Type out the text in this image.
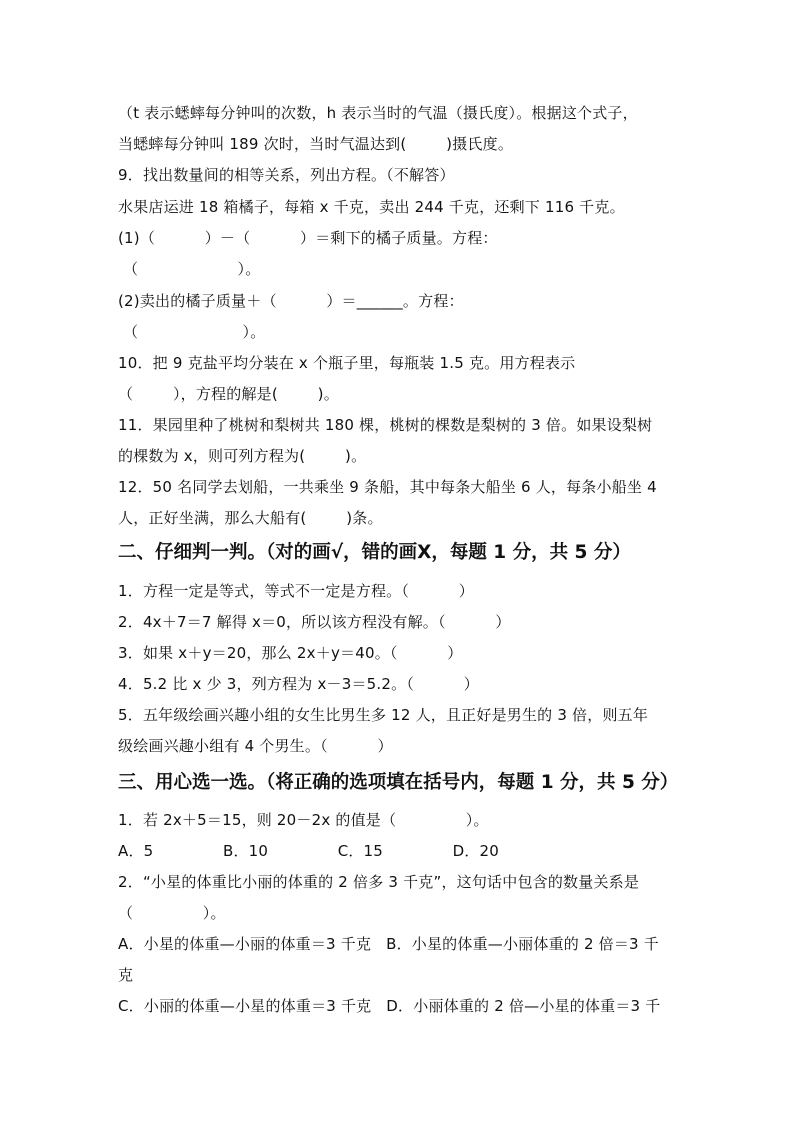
（t 表示蟋蟀每分钟叫的次数，h 表示当时的气温（摄氏度）。根据这个式子，
当蟋蟀每分钟叫 189 次时，当时气温达到(        )摄氏度。
9．找出数量间的相等关系，列出方程。（不解答）
水果店运进 18 箱橘子，每箱 x 千克，卖出 244 千克，还剩下 116 千克。
(1)（          ）－（          ）＝剩下的橘子质量。方程：
（                    ）。
(2)卖出的橘子质量＋（          ）＝______。方程：
（                     ）。
10．把 9 克盐平均分装在 x 个瓶子里，每瓶装 1.5 克。用方程表示
（        ），方程的解是(        )。
11．果园里种了桃树和梨树共 180 棵，桃树的棵数是梨树的 3 倍。如果设梨树
的棵数为 x，则可列方程为(        )。
12．50 名同学去划船，一共乘坐 9 条船，其中每条大船坐 6 人，每条小船坐 4
人，正好坐满，那么大船有(        )条。
二、仔细判一判。（对的画√，错的画Χ，每题 1 分，共 5 分）
1．方程一定是等式，等式不一定是方程。（          ）
2．4x＋7＝7 解得 x＝0，所以该方程没有解。（          ）
3．如果 x＋y＝20，那么 2x＋y＝40。（          ）
4．5.2 比 x 少 3，列方程为 x－3＝5.2。（          ）
5．五年级绘画兴趣小组的女生比男生多 12 人，且正好是男生的 3 倍，则五年
级绘画兴趣小组有 4 个男生。（          ）
三、用心选一选。（将正确的选项填在括号内，每题 1 分，共 5 分）
1．若 2x＋5＝15，则 20－2x 的值是（              ）。
A．5              B．10              C．15              D．20
2．“小星的体重比小丽的体重的 2 倍多 3 千克”，这句话中包含的数量关系是
（              ）。
A．小星的体重—小丽的体重＝3 千克   B．小星的体重—小丽体重的 2 倍＝3 千
克
C．小丽的体重—小星的体重＝3 千克   D．小丽体重的 2 倍—小星的体重＝3 千
